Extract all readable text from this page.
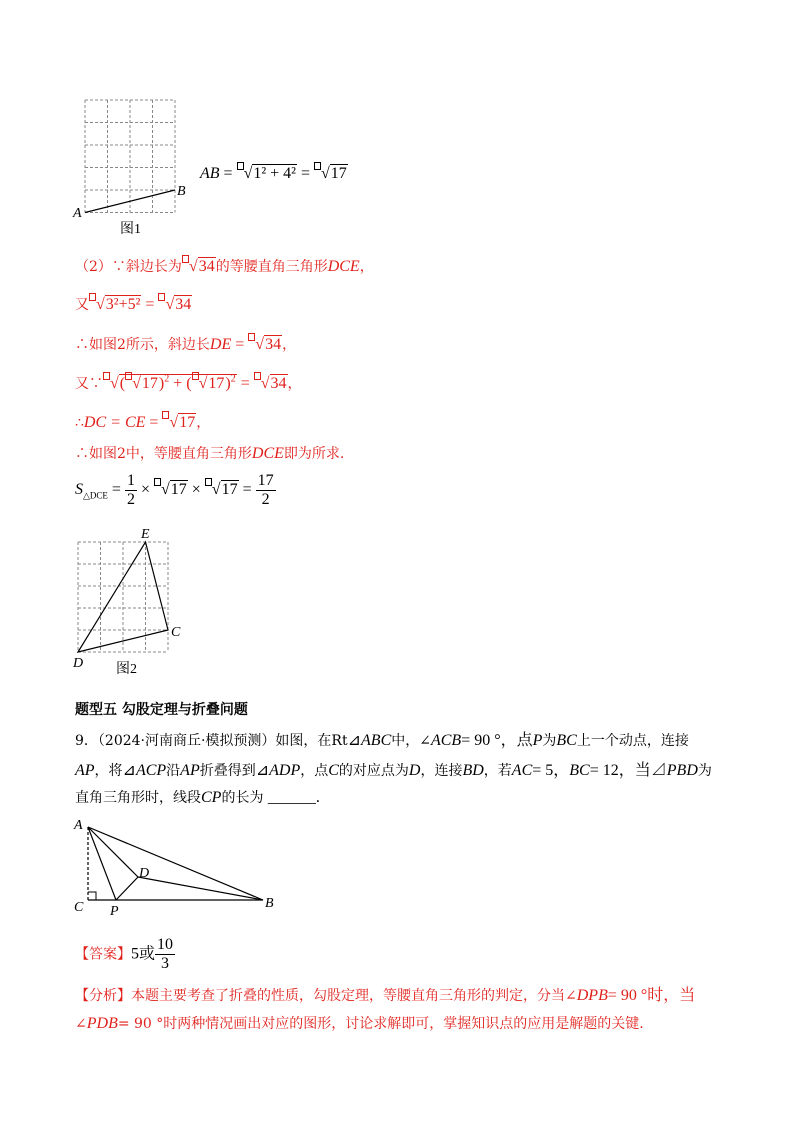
A
B
图1
AB = √1² + 4² = √17
（2）∵斜边长为 √34的等腰直角三角形DCE，
又 √3²+5² = √34
∴如图2所示，斜边长DE = √34，
又∵ √( √17)$^2$ + ( √17)$^2$ = √34，
∴DC = CE = √17，
∴如图2中，等腰直角三角形DCE即为所求.
$S_{\triangle DCE} = \frac{1}{2} \times √17 \times √17 = \frac{17}{2}$
E
C
D 图2
题型五 勾股定理与折叠问题
9．（2024·河南商丘·模拟预测）如图，在Rt⊿ABC中，∠ACB= 90 °，点P为BC上一个动点，连接
AP，将⊿ACP沿AP折叠得到⊿ADP，点C的对应点为D，连接BD，若AC= 5，BC= 12，当⊿PBD为
直角三角形时，线段CP的长为 ______.
A
D
C P
B
【答案】5或 $\frac{10}{3}$
【分析】本题主要考查了折叠的性质，勾股定理，等腰直角三角形的判定，分当∠DPB= 90 °时，当
∠PDB= 90 °时两种情况画出对应的图形，讨论求解即可，掌握知识点的应用是解题的关键.
